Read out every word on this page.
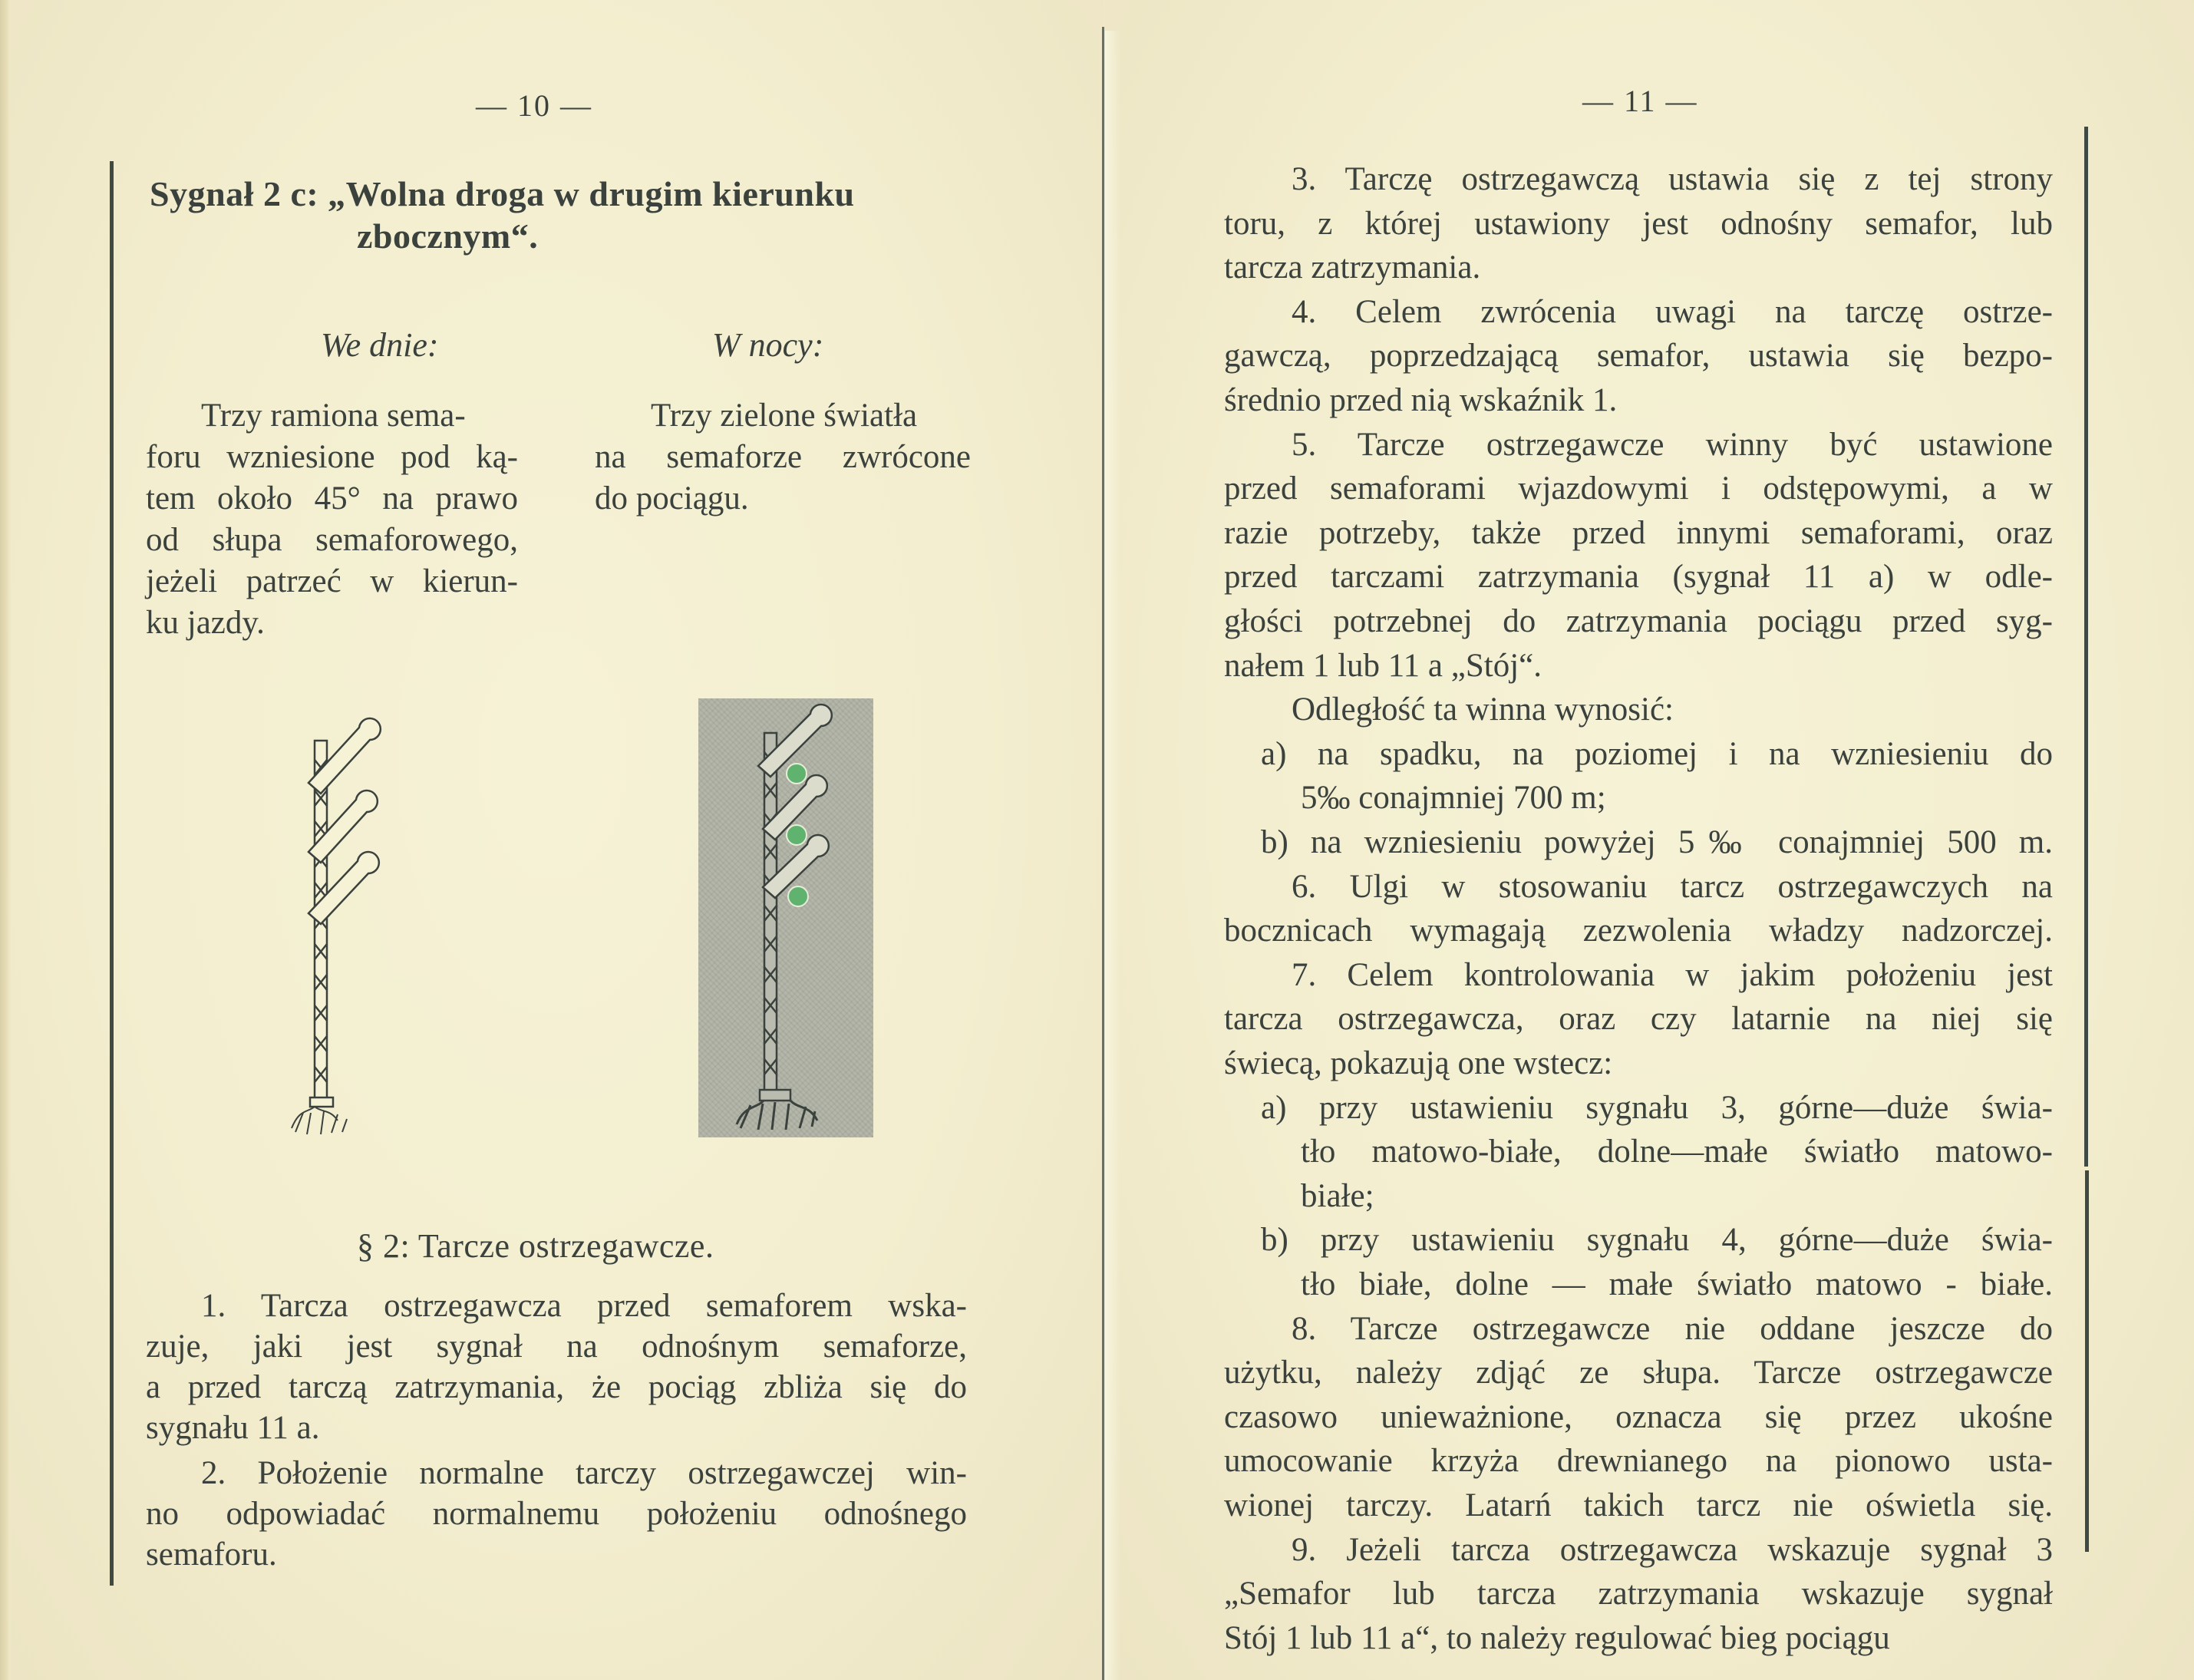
— 10 —
Sygnał 2 c: „Wolna droga w drugim kierunku
zbocznym“.
We dnie:	W nocy:
Trzy ramiona sema-
foru wzniesione pod ką-
tem około 45° na prawo
od słupa semaforowego,
jeżeli patrzeć w kierun-
ku jazdy.
Trzy zielone światła
na semaforze zwrócone
do pociągu.
§ 2: Tarcze ostrzegawcze.
1. Tarcza ostrzegawcza przed semaforem wska-
zuje, jaki jest sygnał na odnośnym semaforze,
a przed tarczą zatrzymania, że pociąg zbliża się do
sygnału 11 a.
2. Położenie normalne tarczy ostrzegawczej win-
no odpowiadać normalnemu położeniu odnośnego
semaforu.
— 11 —
3. Tarczę ostrzegawczą ustawia się z tej strony
toru, z której ustawiony jest odnośny semafor, lub
tarcza zatrzymania.
4. Celem zwrócenia uwagi na tarczę ostrze-
gawczą, poprzedzającą semafor, ustawia się bezpo-
średnio przed nią wskaźnik 1.
5. Tarcze ostrzegawcze winny być ustawione
przed semaforami wjazdowymi i odstępowymi, a w
razie potrzeby, także przed innymi semaforami, oraz
przed tarczami zatrzymania (sygnał 11 a) w odle-
głości potrzebnej do zatrzymania pociągu przed syg-
nałem 1 lub 11 a „Stój“.
Odległość ta winna wynosić:
a) na spadku, na poziomej i na wzniesieniu do
5‰ conajmniej 700 m;
b) na wzniesieniu powyżej 5‰ conajmniej 500 m.
6. Ulgi w stosowaniu tarcz ostrzegawczych na
bocznicach wymagają zezwolenia władzy nadzorczej.
7. Celem kontrolowania w jakim położeniu jest
tarcza ostrzegawcza, oraz czy latarnie na niej się
świecą, pokazują one wstecz:
a) przy ustawieniu sygnału 3, górne—duże świa-
tło matowo-białe, dolne—małe światło matowo-
białe;
b) przy ustawieniu sygnału 4, górne—duże świa-
tło białe, dolne — małe światło matowo - białe.
8. Tarcze ostrzegawcze nie oddane jeszcze do
użytku, należy zdjąć ze słupa. Tarcze ostrzegawcze
czasowo unieważnione, oznacza się przez ukośne
umocowanie krzyża drewnianego na pionowo usta-
wionej tarczy. Latarń takich tarcz nie oświetla się.
9. Jeżeli tarcza ostrzegawcza wskazuje sygnał 3
„Semafor lub tarcza zatrzymania wskazuje sygnał
Stój 1 lub 11 a“, to należy regulować bieg pociągu
